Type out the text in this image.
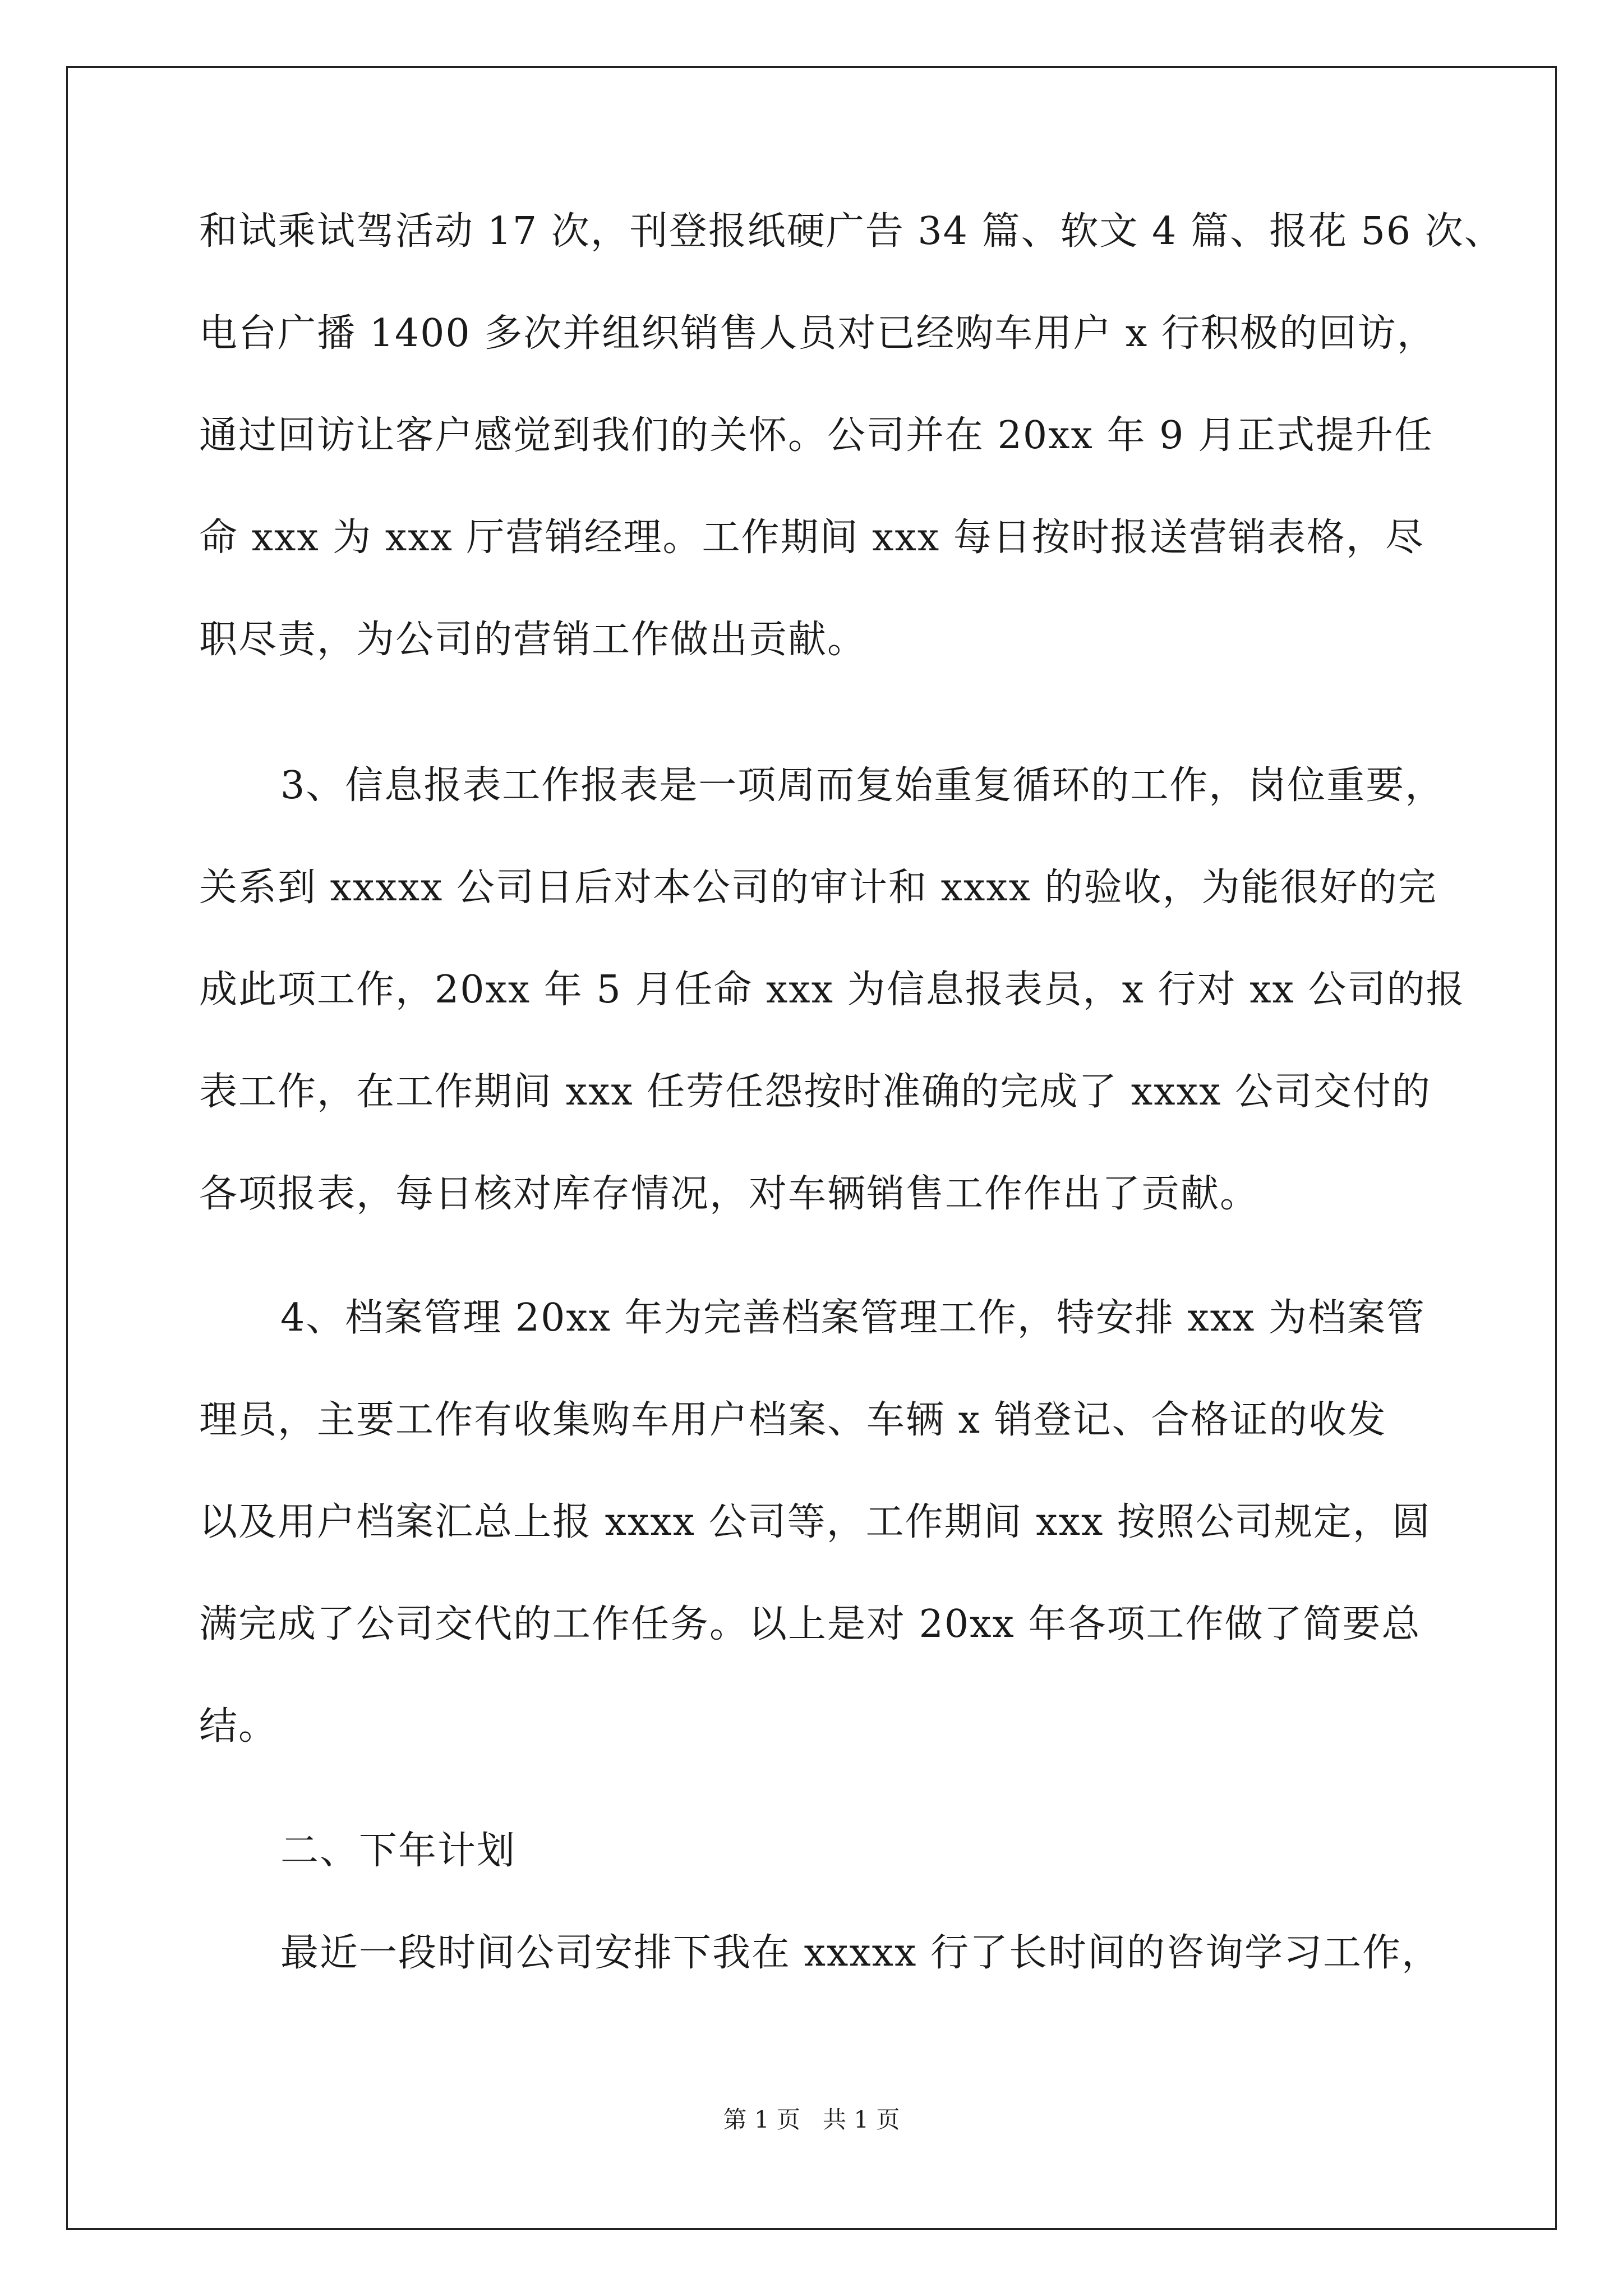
和试乘试驾活动 17 次，刊登报纸硬广告 34 篇、软文 4 篇、报花 56 次、
电台广播 1400 多次并组织销售人员对已经购车用户 x 行积极的回访，
通过回访让客户感觉到我们的关怀。公司并在 20xx 年 9 月正式提升任
命 xxx 为 xxx 厅营销经理。工作期间 xxx 每日按时报送营销表格，尽
职尽责，为公司的营销工作做出贡献。
3、信息报表工作报表是一项周而复始重复循环的工作，岗位重要，
关系到 xxxxx 公司日后对本公司的审计和 xxxx 的验收，为能很好的完
成此项工作，20xx 年 5 月任命 xxx 为信息报表员，x 行对 xx 公司的报
表工作，在工作期间 xxx 任劳任怨按时准确的完成了 xxxx 公司交付的
各项报表，每日核对库存情况，对车辆销售工作作出了贡献。
4、档案管理 20xx 年为完善档案管理工作，特安排 xxx 为档案管
理员，主要工作有收集购车用户档案、车辆 x 销登记、合格证的收发
以及用户档案汇总上报 xxxx 公司等，工作期间 xxx 按照公司规定，圆
满完成了公司交代的工作任务。以上是对 20xx 年各项工作做了简要总
结。
二、下年计划
最近一段时间公司安排下我在 xxxxx 行了长时间的咨询学习工作，
第 1 页   共 1 页
